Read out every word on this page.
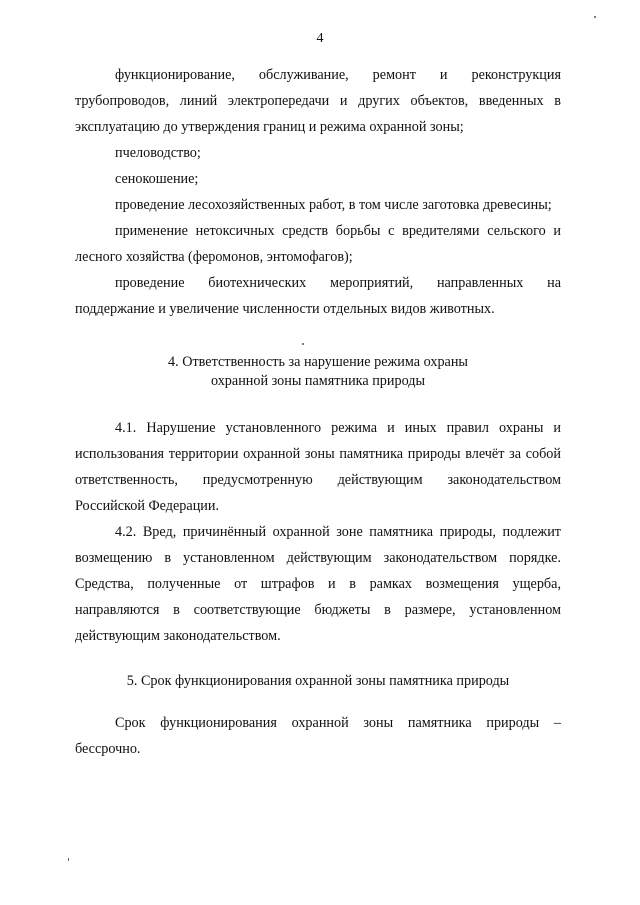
4

функционирование, обслуживание, ремонт и реконструкция трубопроводов, линий электропередачи и других объектов, введенных в эксплуатацию до утверждения границ и режима охранной зоны;

пчеловодство;

сенокошение;

проведение лесохозяйственных работ, в том числе заготовка древесины;

применение нетоксичных средств борьбы с вредителями сельского и лесного хозяйства (феромонов, энтомофагов);

проведение биотехнических мероприятий, направленных на поддержание и увеличение численности отдельных видов животных.

4. Ответственность за нарушение режима охраны
охранной зоны памятника природы

4.1. Нарушение установленного режима и иных правил охраны и использования территории охранной зоны памятника природы влечёт за собой ответственность, предусмотренную действующим законодательством Российской Федерации.

4.2. Вред, причинённый охранной зоне памятника природы, подлежит возмещению в установленном действующим законодательством порядке. Средства, полученные от штрафов и в рамках возмещения ущерба, направляются в соответствующие бюджеты в размере, установленном действующим законодательством.

5. Срок функционирования охранной зоны памятника природы

Срок функционирования охранной зоны памятника природы – бессрочно.
